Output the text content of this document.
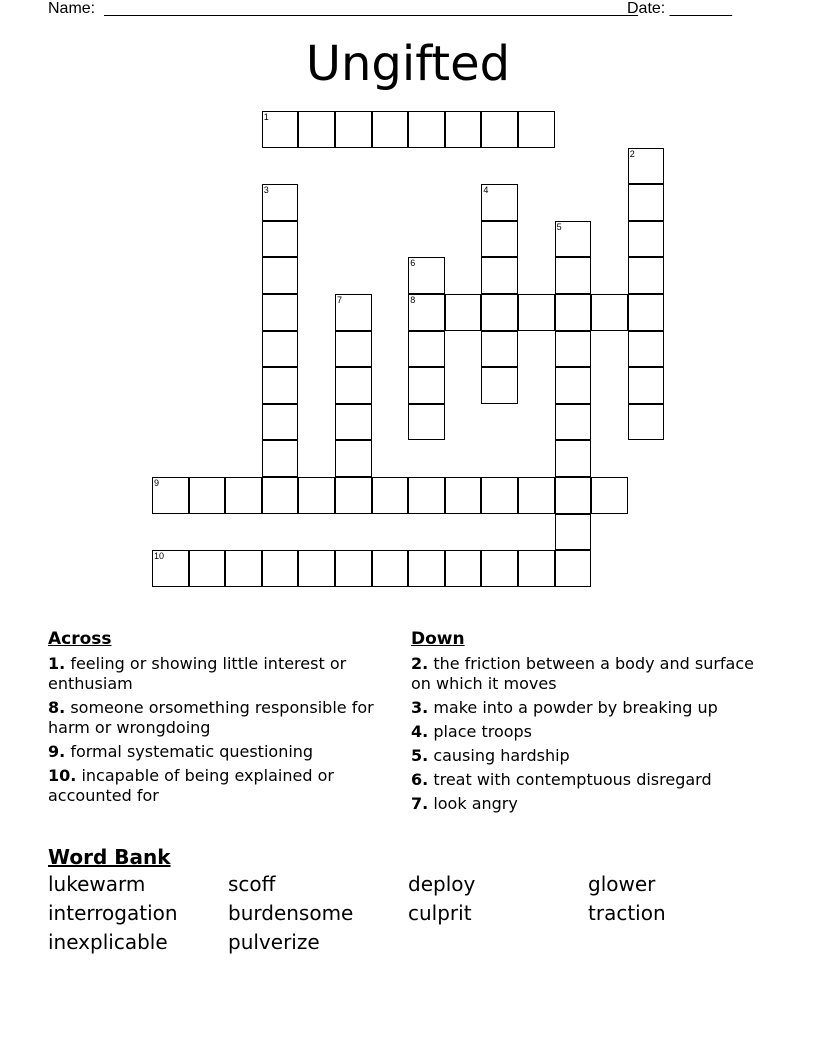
Name: ____________________________________________________________
Date: _______
Ungifted
1
2
3	4
5
6
8
7
9
10
Across
1. feeling or showing little interest or enthusiam
8. someone orsomething responsible for harm or wrongdoing
9. formal systematic questioning
10. incapable of being explained or accounted for
Down
2. the friction between a body and surface on which it moves
3. make into a powder by breaking up
4. place troops
5. causing hardship
6. treat with contemptuous disregard
7. look angry
Word Bank
lukewarm	scoff	deploy	glower
interrogation	burdensome	culprit	traction
inexplicable	pulverize
